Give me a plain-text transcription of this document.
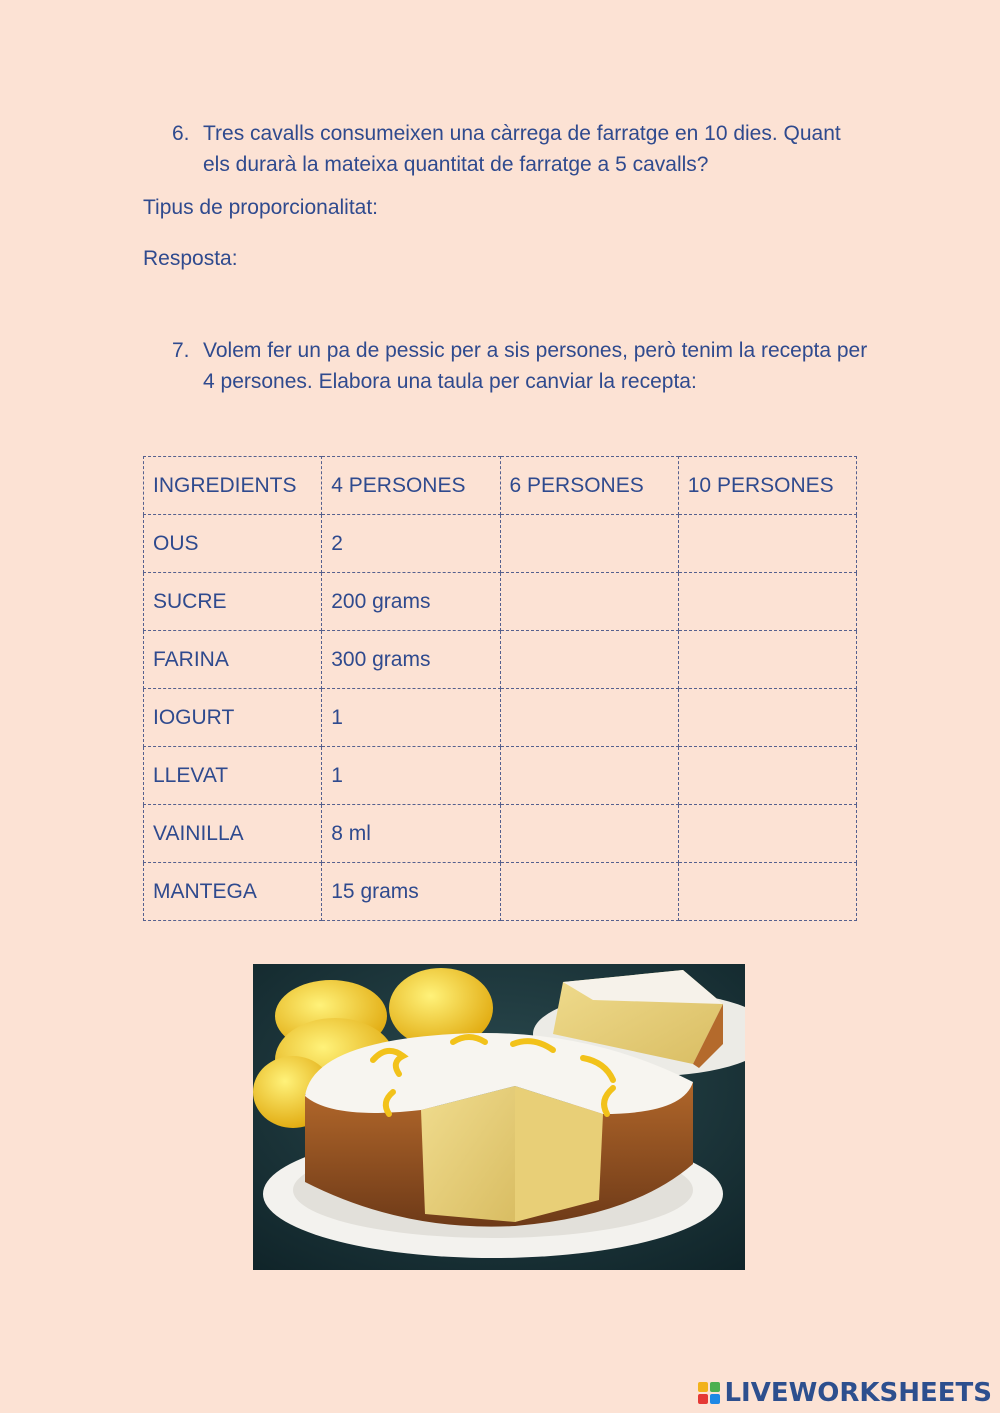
6. Tres cavalls consumeixen una càrrega de farratge en 10 dies. Quant els durarà la mateixa quantitat de farratge a 5 cavalls?
Tipus de proporcionalitat:
Resposta:
7. Volem fer un pa de pessic per a sis persones, però tenim la recepta per 4 persones. Elabora una taula per canviar la recepta:
INGREDIENTS	4 PERSONES	6 PERSONES	10 PERSONES
OUS	2		
SUCRE	200 grams		
FARINA	300 grams		
IOGURT	1		
LLEVAT	1		
VAINILLA	8 ml		
MANTEGA	15 grams		
LIVEWORKSHEETS
